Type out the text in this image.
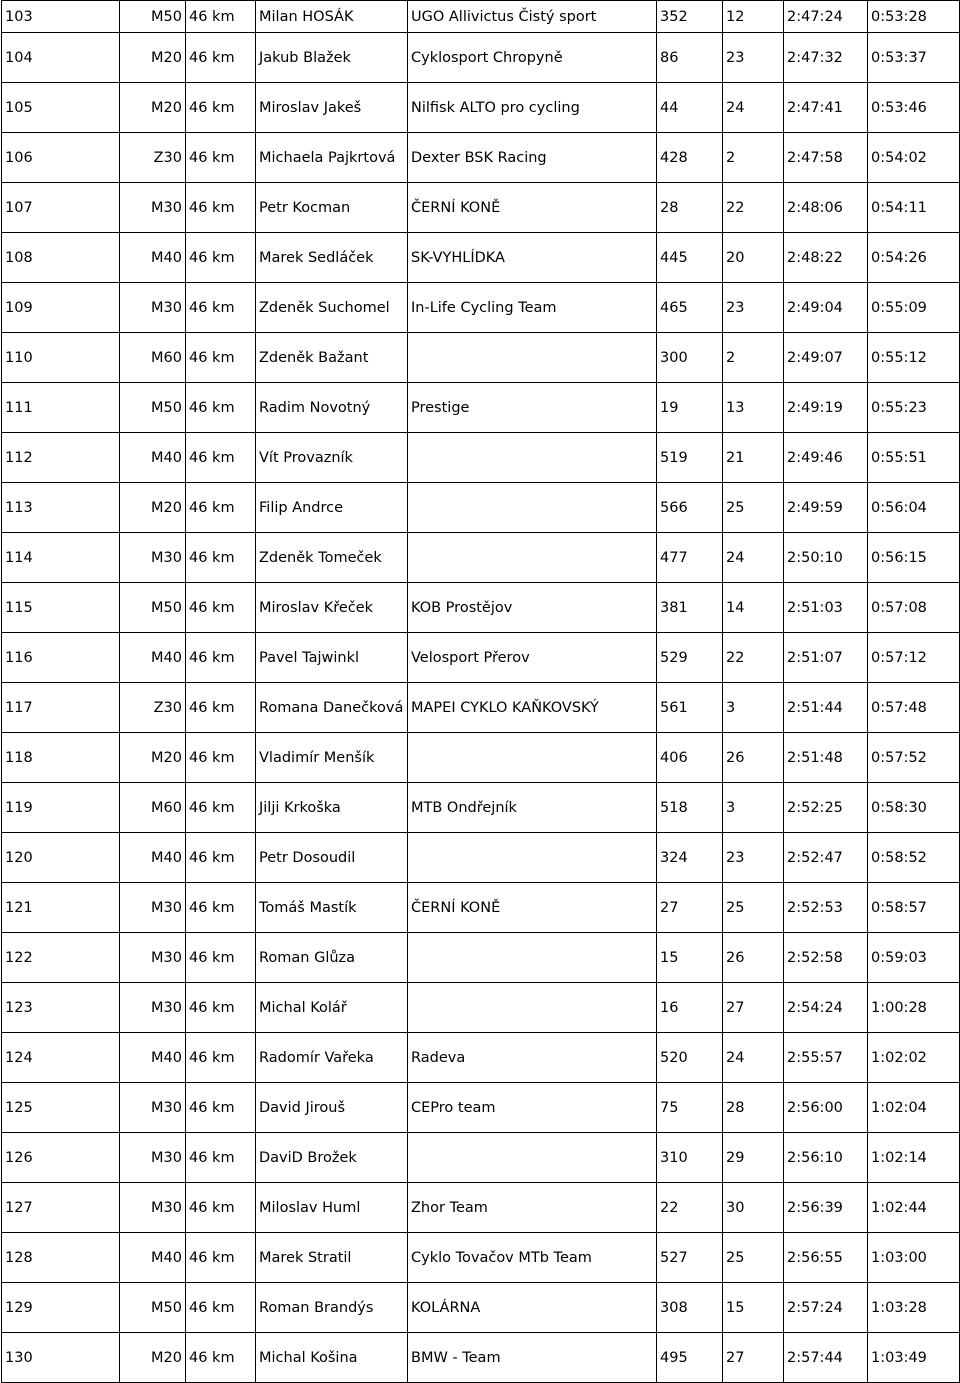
103	M50	46 km	Milan HOSÁK	UGO Allivictus Čistý sport	352	12	2:47:24	0:53:28
104	M20	46 km	Jakub Blažek	Cyklosport Chropyně	86	23	2:47:32	0:53:37
105	M20	46 km	Miroslav Jakeš	Nilfisk ALTO pro cycling	44	24	2:47:41	0:53:46
106	Z30	46 km	Michaela Pajkrtová	Dexter BSK Racing	428	2	2:47:58	0:54:02
107	M30	46 km	Petr Kocman	ČERNÍ KONĚ	28	22	2:48:06	0:54:11
108	M40	46 km	Marek Sedláček	SK-VYHLÍDKA	445	20	2:48:22	0:54:26
109	M30	46 km	Zdeněk Suchomel	In-Life Cycling Team	465	23	2:49:04	0:55:09
110	M60	46 km	Zdeněk Bažant		300	2	2:49:07	0:55:12
111	M50	46 km	Radim Novotný	Prestige	19	13	2:49:19	0:55:23
112	M40	46 km	Vít Provazník		519	21	2:49:46	0:55:51
113	M20	46 km	Filip Andrce		566	25	2:49:59	0:56:04
114	M30	46 km	Zdeněk Tomeček		477	24	2:50:10	0:56:15
115	M50	46 km	Miroslav Křeček	KOB Prostějov	381	14	2:51:03	0:57:08
116	M40	46 km	Pavel Tajwinkl	Velosport Přerov	529	22	2:51:07	0:57:12
117	Z30	46 km	Romana Danečková	MAPEI CYKLO KAŇKOVSKÝ	561	3	2:51:44	0:57:48
118	M20	46 km	Vladimír Menšík		406	26	2:51:48	0:57:52
119	M60	46 km	Jilji Krkoška	MTB Ondřejník	518	3	2:52:25	0:58:30
120	M40	46 km	Petr Dosoudil		324	23	2:52:47	0:58:52
121	M30	46 km	Tomáš Mastík	ČERNÍ KONĚ	27	25	2:52:53	0:58:57
122	M30	46 km	Roman Glůza		15	26	2:52:58	0:59:03
123	M30	46 km	Michal Kolář		16	27	2:54:24	1:00:28
124	M40	46 km	Radomír Vařeka	Radeva	520	24	2:55:57	1:02:02
125	M30	46 km	David Jirouš	CEPro team	75	28	2:56:00	1:02:04
126	M30	46 km	DaviD Brožek		310	29	2:56:10	1:02:14
127	M30	46 km	Miloslav Huml	Zhor Team	22	30	2:56:39	1:02:44
128	M40	46 km	Marek Stratil	Cyklo Tovačov MTb Team	527	25	2:56:55	1:03:00
129	M50	46 km	Roman Brandýs	KOLÁRNA	308	15	2:57:24	1:03:28
130	M20	46 km	Michal Košina	BMW - Team	495	27	2:57:44	1:03:49
